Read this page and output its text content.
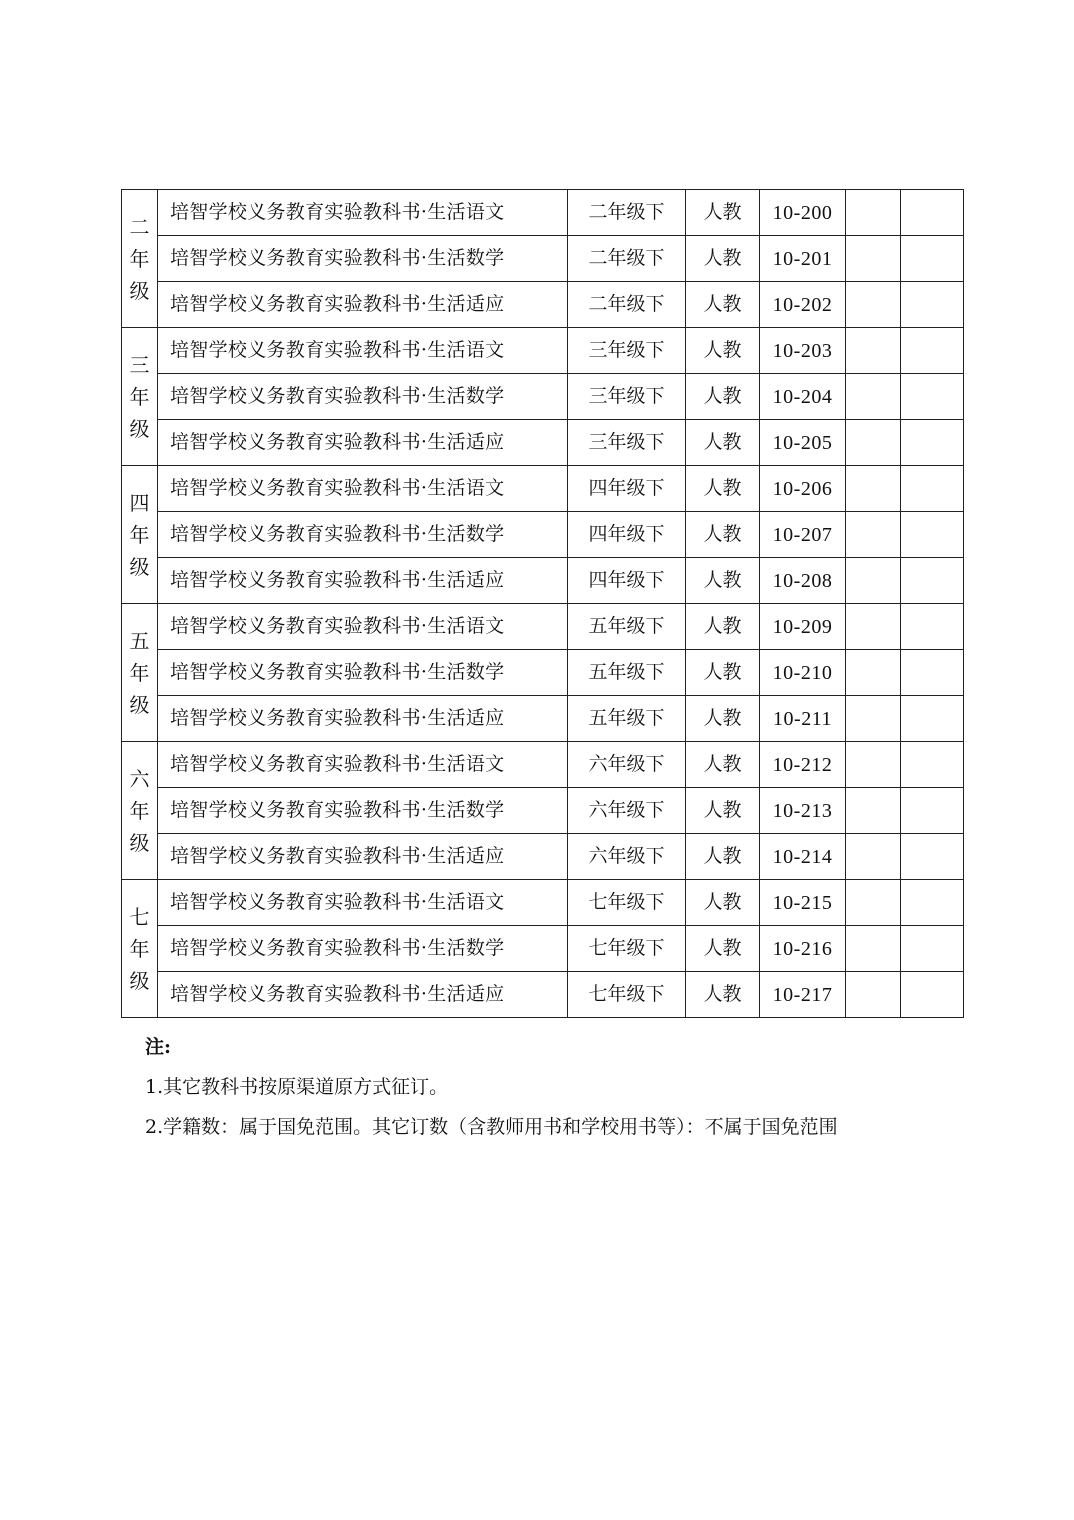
二
年
级	培智学校义务教育实验教科书·生活语文	二年级下	人教	10-200		
	培智学校义务教育实验教科书·生活数学	二年级下	人教	10-201		
	培智学校义务教育实验教科书·生活适应	二年级下	人教	10-202		

三
年
级	培智学校义务教育实验教科书·生活语文	三年级下	人教	10-203		
	培智学校义务教育实验教科书·生活数学	三年级下	人教	10-204		
	培智学校义务教育实验教科书·生活适应	三年级下	人教	10-205		

四
年
级	培智学校义务教育实验教科书·生活语文	四年级下	人教	10-206		
	培智学校义务教育实验教科书·生活数学	四年级下	人教	10-207		
	培智学校义务教育实验教科书·生活适应	四年级下	人教	10-208		

五
年
级	培智学校义务教育实验教科书·生活语文	五年级下	人教	10-209		
	培智学校义务教育实验教科书·生活数学	五年级下	人教	10-210		
	培智学校义务教育实验教科书·生活适应	五年级下	人教	10-211		

六
年
级	培智学校义务教育实验教科书·生活语文	六年级下	人教	10-212		
	培智学校义务教育实验教科书·生活数学	六年级下	人教	10-213		
	培智学校义务教育实验教科书·生活适应	六年级下	人教	10-214		

七
年
级	培智学校义务教育实验教科书·生活语文	七年级下	人教	10-215		
	培智学校义务教育实验教科书·生活数学	七年级下	人教	10-216		
	培智学校义务教育实验教科书·生活适应	七年级下	人教	10-217		
注:
1.其它教科书按原渠道原方式征订。
2.学籍数：属于国免范围。其它订数（含教师用书和学校用书等）：不属于国免范围
